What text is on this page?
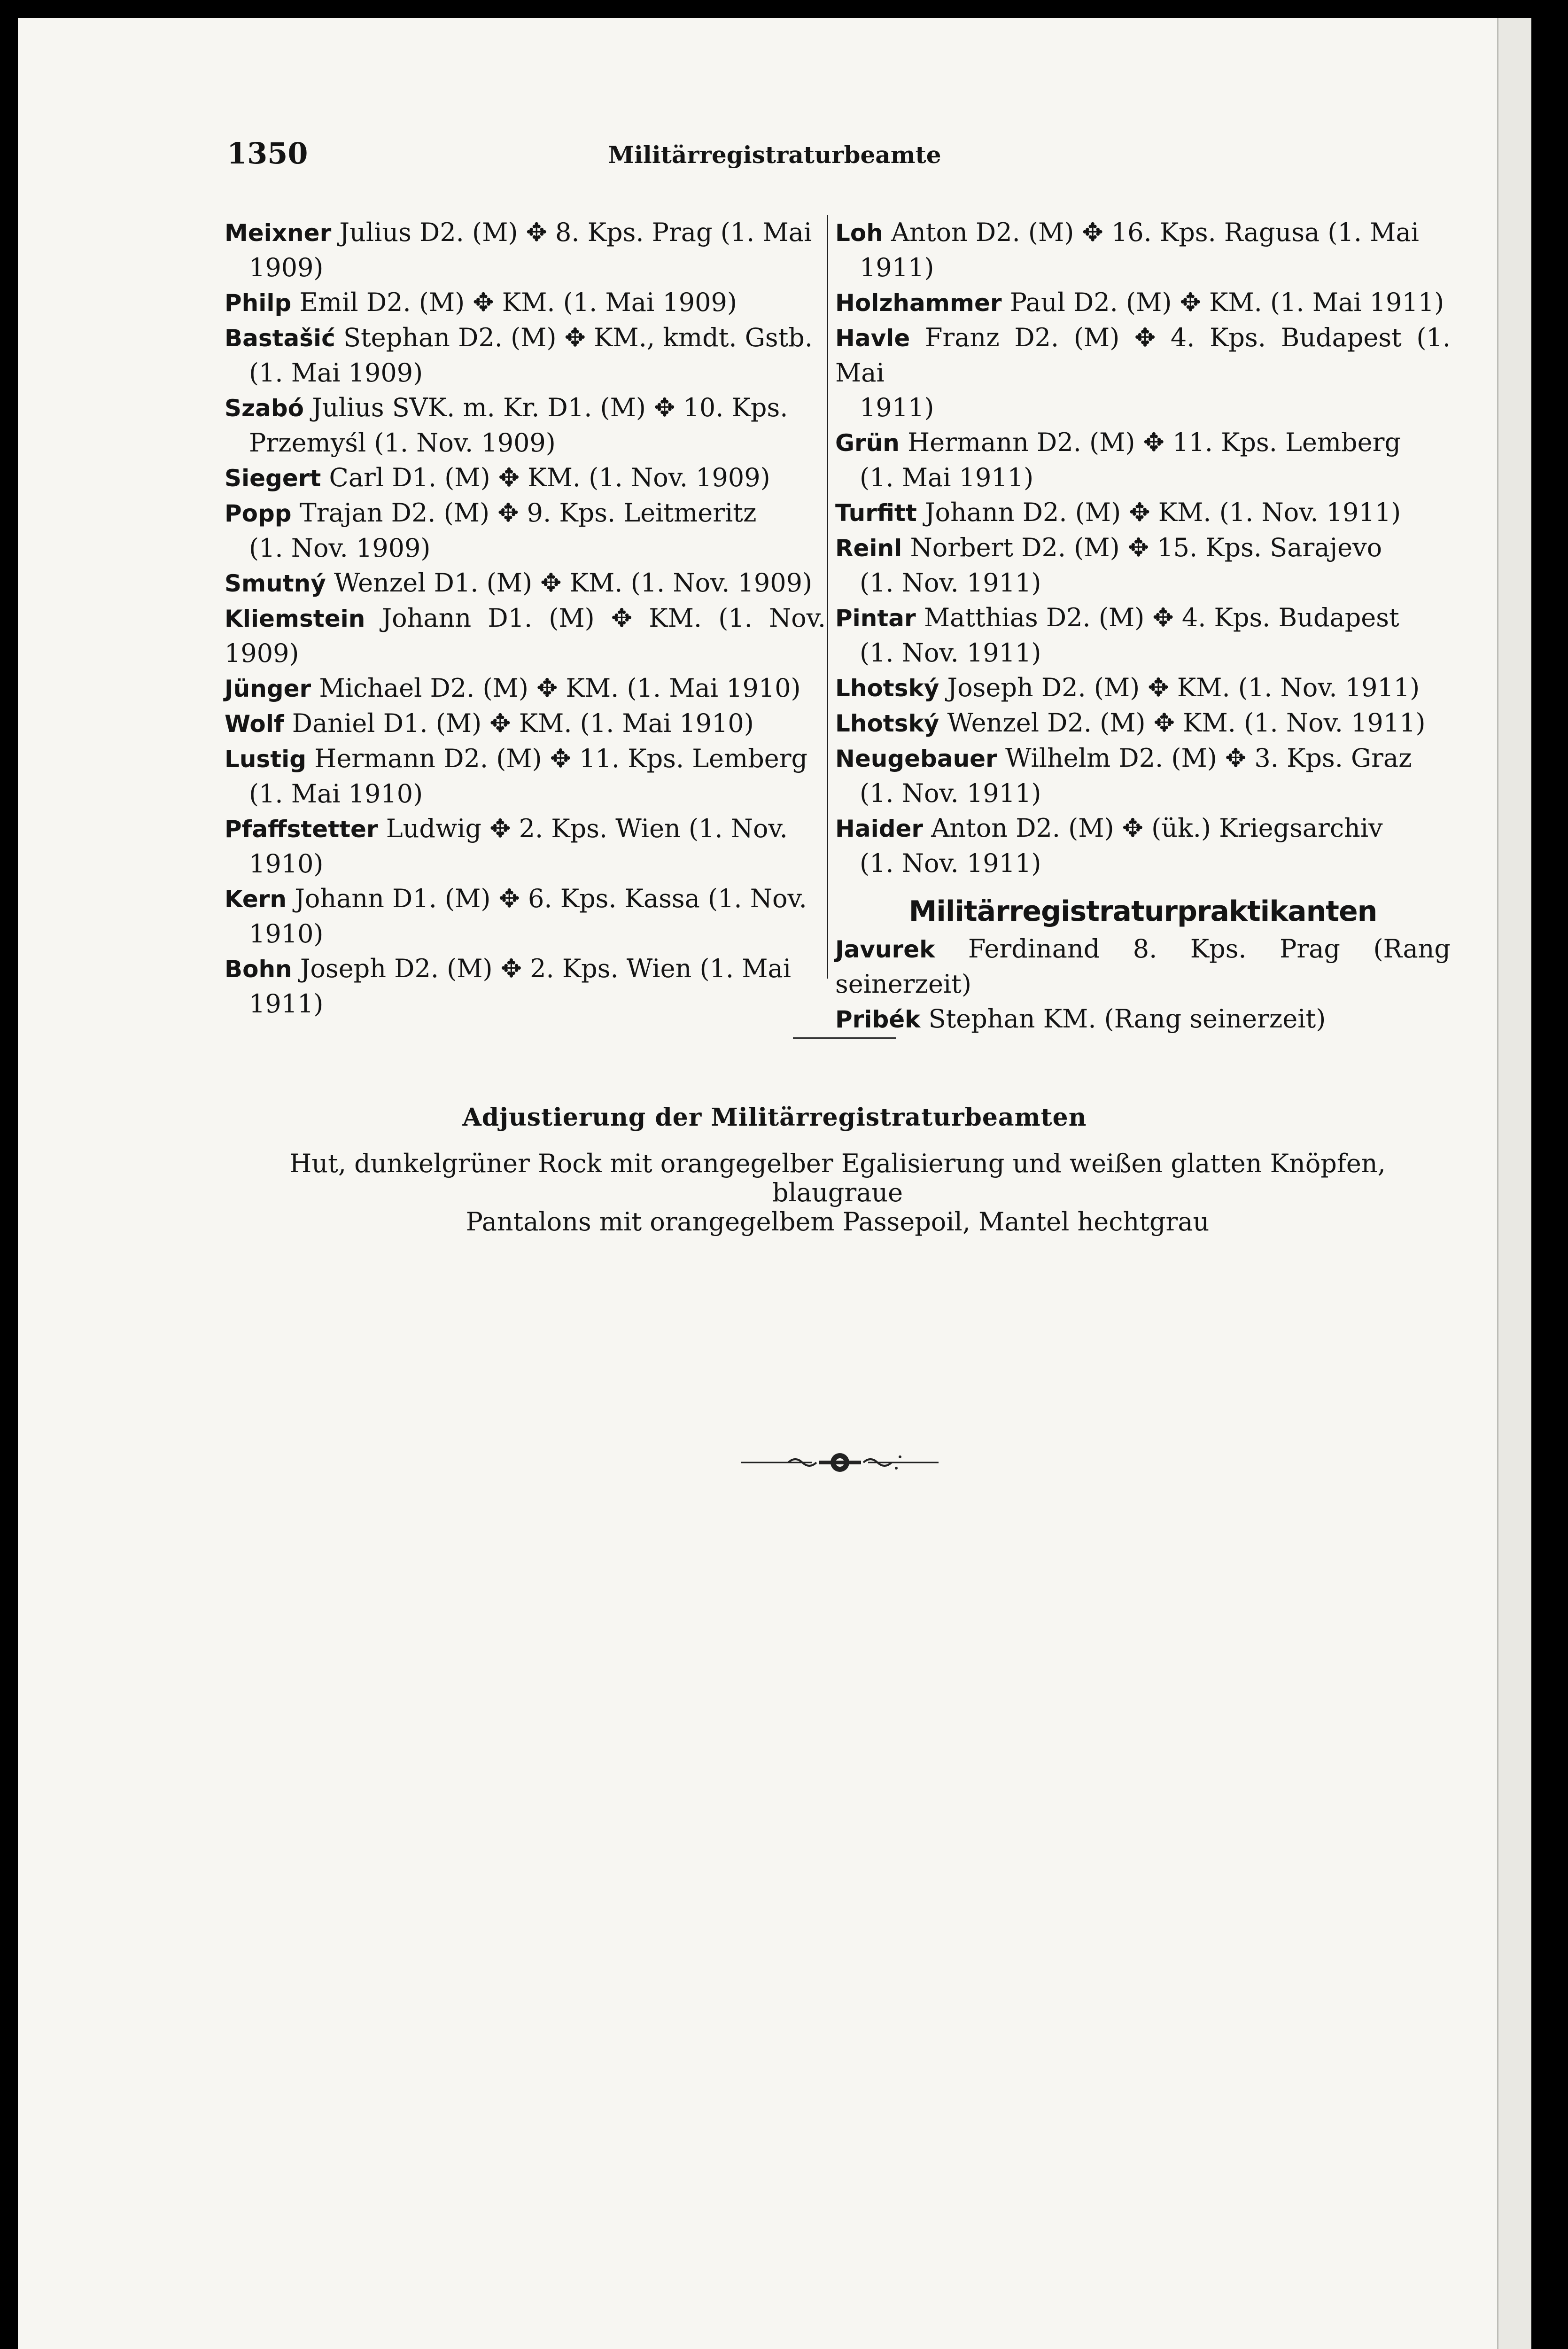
1350	Militärregistraturbeamte
Meixner Julius D2. (M) ✥ 8. Kps. Prag (1. Mai
1909)
Philp Emil D2. (M) ✥ KM. (1. Mai 1909)
Bastašić Stephan D2. (M) ✥ KM., kmdt. Gstb.
(1. Mai 1909)
Szabó Julius SVK. m. Kr. D1. (M) ✥ 10. Kps.
Przemyśl (1. Nov. 1909)
Siegert Carl D1. (M) ✥ KM. (1. Nov. 1909)
Popp Trajan D2. (M) ✥ 9. Kps. Leitmeritz
(1. Nov. 1909)
Smutný Wenzel D1. (M) ✥ KM. (1. Nov. 1909)
Kliemstein Johann D1. (M) ✥ KM. (1. Nov. 1909)
Jünger Michael D2. (M) ✥ KM. (1. Mai 1910)
Wolf Daniel D1. (M) ✥ KM. (1. Mai 1910)
Lustig Hermann D2. (M) ✥ 11. Kps. Lemberg
(1. Mai 1910)
Pfaffstetter Ludwig ✥ 2. Kps. Wien (1. Nov.
1910)
Kern Johann D1. (M) ✥ 6. Kps. Kassa (1. Nov.
1910)
Bohn Joseph D2. (M) ✥ 2. Kps. Wien (1. Mai
1911)
Loh Anton D2. (M) ✥ 16. Kps. Ragusa (1. Mai
1911)
Holzhammer Paul D2. (M) ✥ KM. (1. Mai 1911)
Havle Franz D2. (M) ✥ 4. Kps. Budapest (1. Mai
1911)
Grün Hermann D2. (M) ✥ 11. Kps. Lemberg
(1. Mai 1911)
Turfitt Johann D2. (M) ✥ KM. (1. Nov. 1911)
Reinl Norbert D2. (M) ✥ 15. Kps. Sarajevo
(1. Nov. 1911)
Pintar Matthias D2. (M) ✥ 4. Kps. Budapest
(1. Nov. 1911)
Lhotský Joseph D2. (M) ✥ KM. (1. Nov. 1911)
Lhotský Wenzel D2. (M) ✥ KM. (1. Nov. 1911)
Neugebauer Wilhelm D2. (M) ✥ 3. Kps. Graz
(1. Nov. 1911)
Haider Anton D2. (M) ✥ (ük.) Kriegsarchiv
(1. Nov. 1911)
Militärregistraturpraktikanten
Javurek Ferdinand 8. Kps. Prag (Rang seinerzeit)
Pribék Stephan KM. (Rang seinerzeit)
Adjustierung der Militärregistraturbeamten
Hut, dunkelgrüner Rock mit orangegelber Egalisierung und weißen glatten Knöpfen, blaugraue
Pantalons mit orangegelbem Passepoil, Mantel hechtgrau
